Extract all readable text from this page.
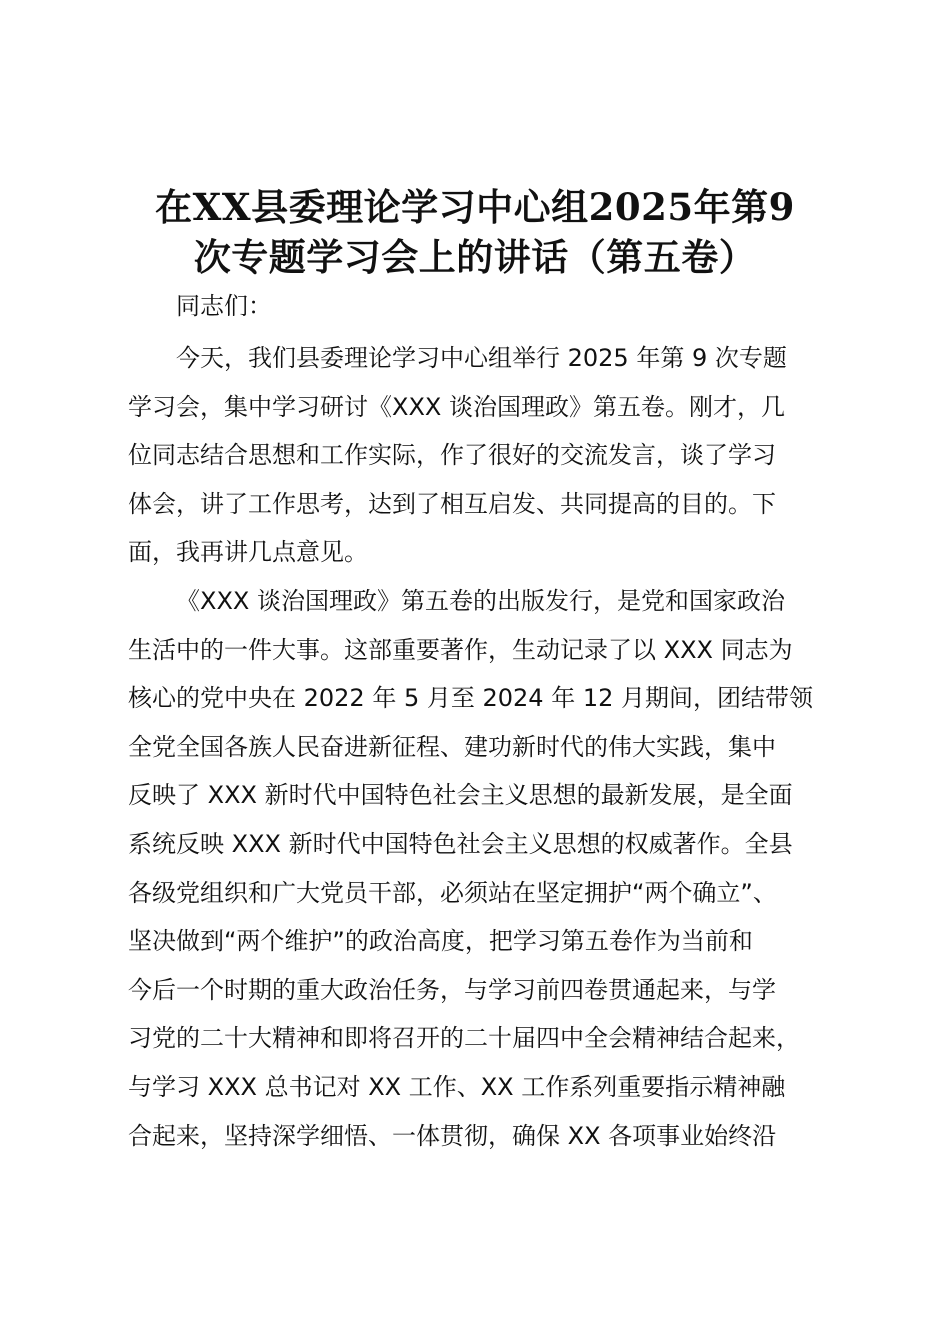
在XX县委理论学习中心组2025年第9
次专题学习会上的讲话（第五卷）
同志们：
今天，我们县委理论学习中心组举行 2025 年第 9 次专题
学习会，集中学习研讨《XXX 谈治国理政》第五卷。刚才，几
位同志结合思想和工作实际，作了很好的交流发言，谈了学习
体会，讲了工作思考，达到了相互启发、共同提高的目的。下
面，我再讲几点意见。
《XXX 谈治国理政》第五卷的出版发行，是党和国家政治
生活中的一件大事。这部重要著作，生动记录了以 XXX 同志为
核心的党中央在 2022 年 5 月至 2024 年 12 月期间，团结带领
全党全国各族人民奋进新征程、建功新时代的伟大实践，集中
反映了 XXX 新时代中国特色社会主义思想的最新发展，是全面
系统反映 XXX 新时代中国特色社会主义思想的权威著作。全县
各级党组织和广大党员干部，必须站在坚定拥护“两个确立”、
坚决做到“两个维护”的政治高度，把学习第五卷作为当前和
今后一个时期的重大政治任务，与学习前四卷贯通起来，与学
习党的二十大精神和即将召开的二十届四中全会精神结合起来，
与学习 XXX 总书记对 XX 工作、XX 工作系列重要指示精神融
合起来，坚持深学细悟、一体贯彻，确保 XX 各项事业始终沿
